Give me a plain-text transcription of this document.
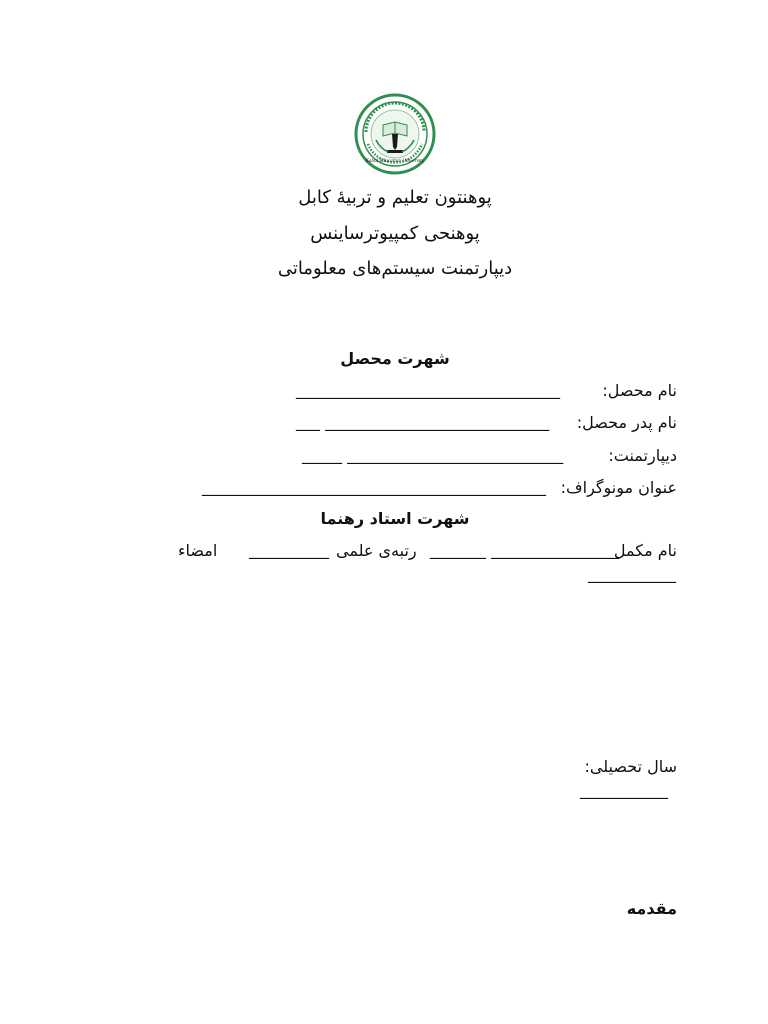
Kabul Education University
پوهنتون تعلیم و تربیهٔ کابل
پوهنحی کمپیوترساینس
دیپارتمنت سیستم‌های معلوماتی
شهرت محصل
نام محصل:
_________________________________
نام پدر محصل:
___ ____________________________
دیپارتمنت:
_____ ___________________________
عنوان مونوگراف:
___________________________________________
شهرت استاد رهنما
نام مکمل
_______ ________________
رتبه‌ی علمی
__________
امضاء
___________
سال تحصیلی:
___________
مقدمه
